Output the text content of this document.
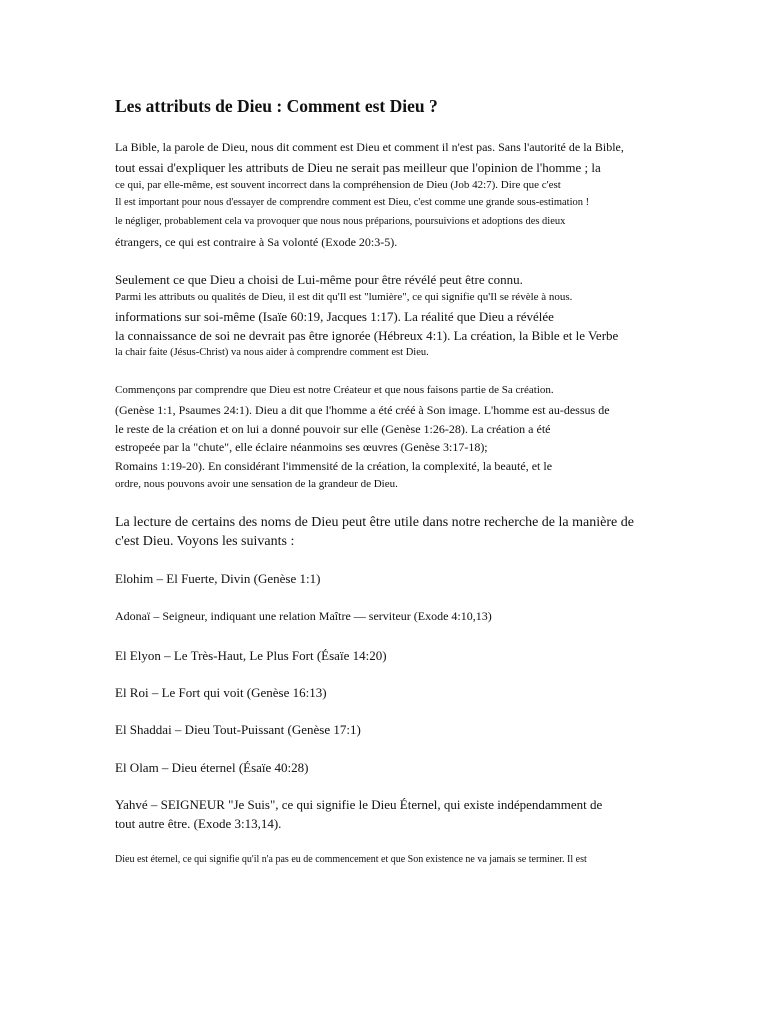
Les attributs de Dieu : Comment est Dieu ?
La Bible, la parole de Dieu, nous dit comment est Dieu et comment il n'est pas. Sans l'autorité de la Bible,
tout essai d'expliquer les attributs de Dieu ne serait pas meilleur que l'opinion de l'homme ; la
ce qui, par elle-même, est souvent incorrect dans la compréhension de Dieu (Job 42:7). Dire que c'est
Il est important pour nous d'essayer de comprendre comment est Dieu, c'est comme une grande sous-estimation !
le négliger, probablement cela va provoquer que nous nous préparions, poursuivions et adoptions des dieux
étrangers, ce qui est contraire à Sa volonté (Exode 20:3-5).
Seulement ce que Dieu a choisi de Lui-même pour être révélé peut être connu.
Parmi les attributs ou qualités de Dieu, il est dit qu'Il est "lumière", ce qui signifie qu'Il se révèle à nous.
informations sur soi-même (Isaïe 60:19, Jacques 1:17). La réalité que Dieu a révélée
la connaissance de soi ne devrait pas être ignorée (Hébreux 4:1). La création, la Bible et le Verbe
la chair faite (Jésus-Christ) va nous aider à comprendre comment est Dieu.
Commençons par comprendre que Dieu est notre Créateur et que nous faisons partie de Sa création.
(Genèse 1:1, Psaumes 24:1). Dieu a dit que l'homme a été créé à Son image. L'homme est au-dessus de
le reste de la création et on lui a donné pouvoir sur elle (Genèse 1:26-28). La création a été
estropeée par la "chute", elle éclaire néanmoins ses œuvres (Genèse 3:17-18);
Romains 1:19-20). En considérant l'immensité de la création, la complexité, la beauté, et le
ordre, nous pouvons avoir une sensation de la grandeur de Dieu.
La lecture de certains des noms de Dieu peut être utile dans notre recherche de la manière de
c'est Dieu. Voyons les suivants :
Elohim – El Fuerte, Divin (Genèse 1:1)
Adonaï – Seigneur, indiquant une relation Maître — serviteur (Exode 4:10,13)
El Elyon – Le Très-Haut, Le Plus Fort (Ésaïe 14:20)
El Roi – Le Fort qui voit (Genèse 16:13)
El Shaddai – Dieu Tout-Puissant (Genèse 17:1)
El Olam – Dieu éternel (Ésaïe 40:28)
Yahvé – SEIGNEUR "Je Suis", ce qui signifie le Dieu Éternel, qui existe indépendamment de
tout autre être. (Exode 3:13,14).
Dieu est éternel, ce qui signifie qu'il n'a pas eu de commencement et que Son existence ne va jamais se terminer. Il est
